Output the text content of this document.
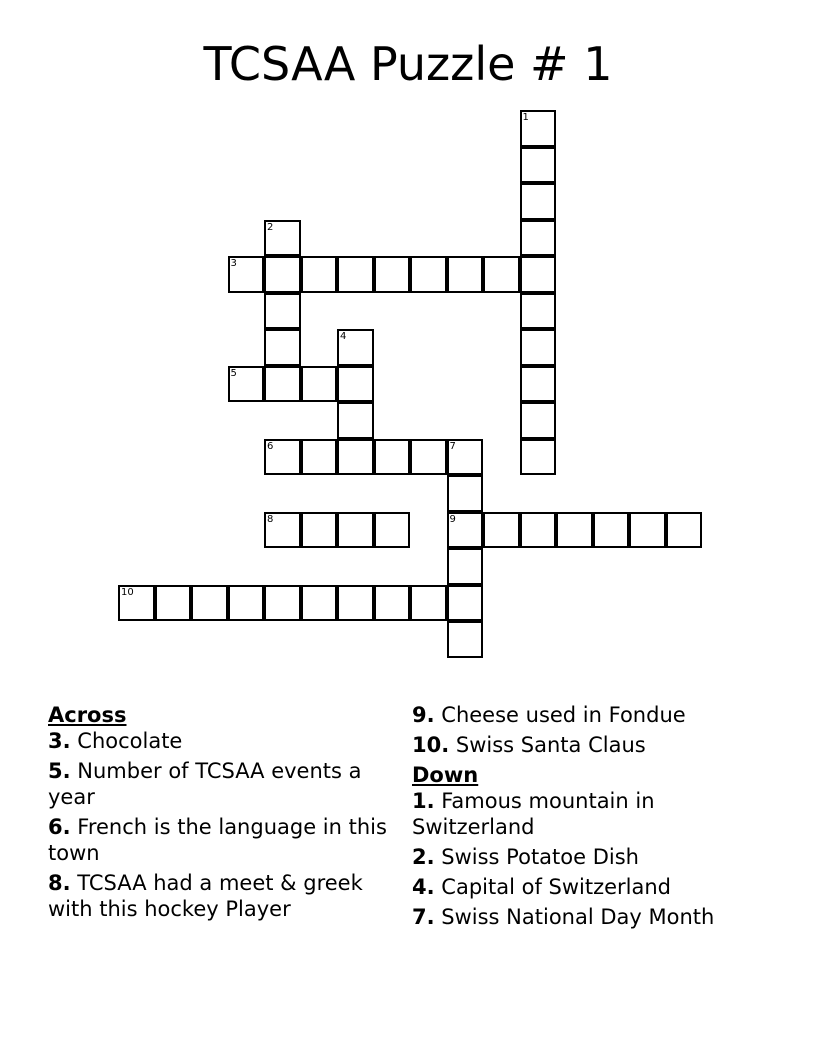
TCSAA Puzzle # 1
1
2
3
4
5
6	7
9
8
10
Across
3. Chocolate
5. Number of TCSAA events a year
6. French is the language in this town
8. TCSAA had a meet & greek with this hockey Player
9. Cheese used in Fondue
10. Swiss Santa Claus
Down
1. Famous mountain in Switzerland
2. Swiss Potatoe Dish
4. Capital of Switzerland
7. Swiss National Day Month
